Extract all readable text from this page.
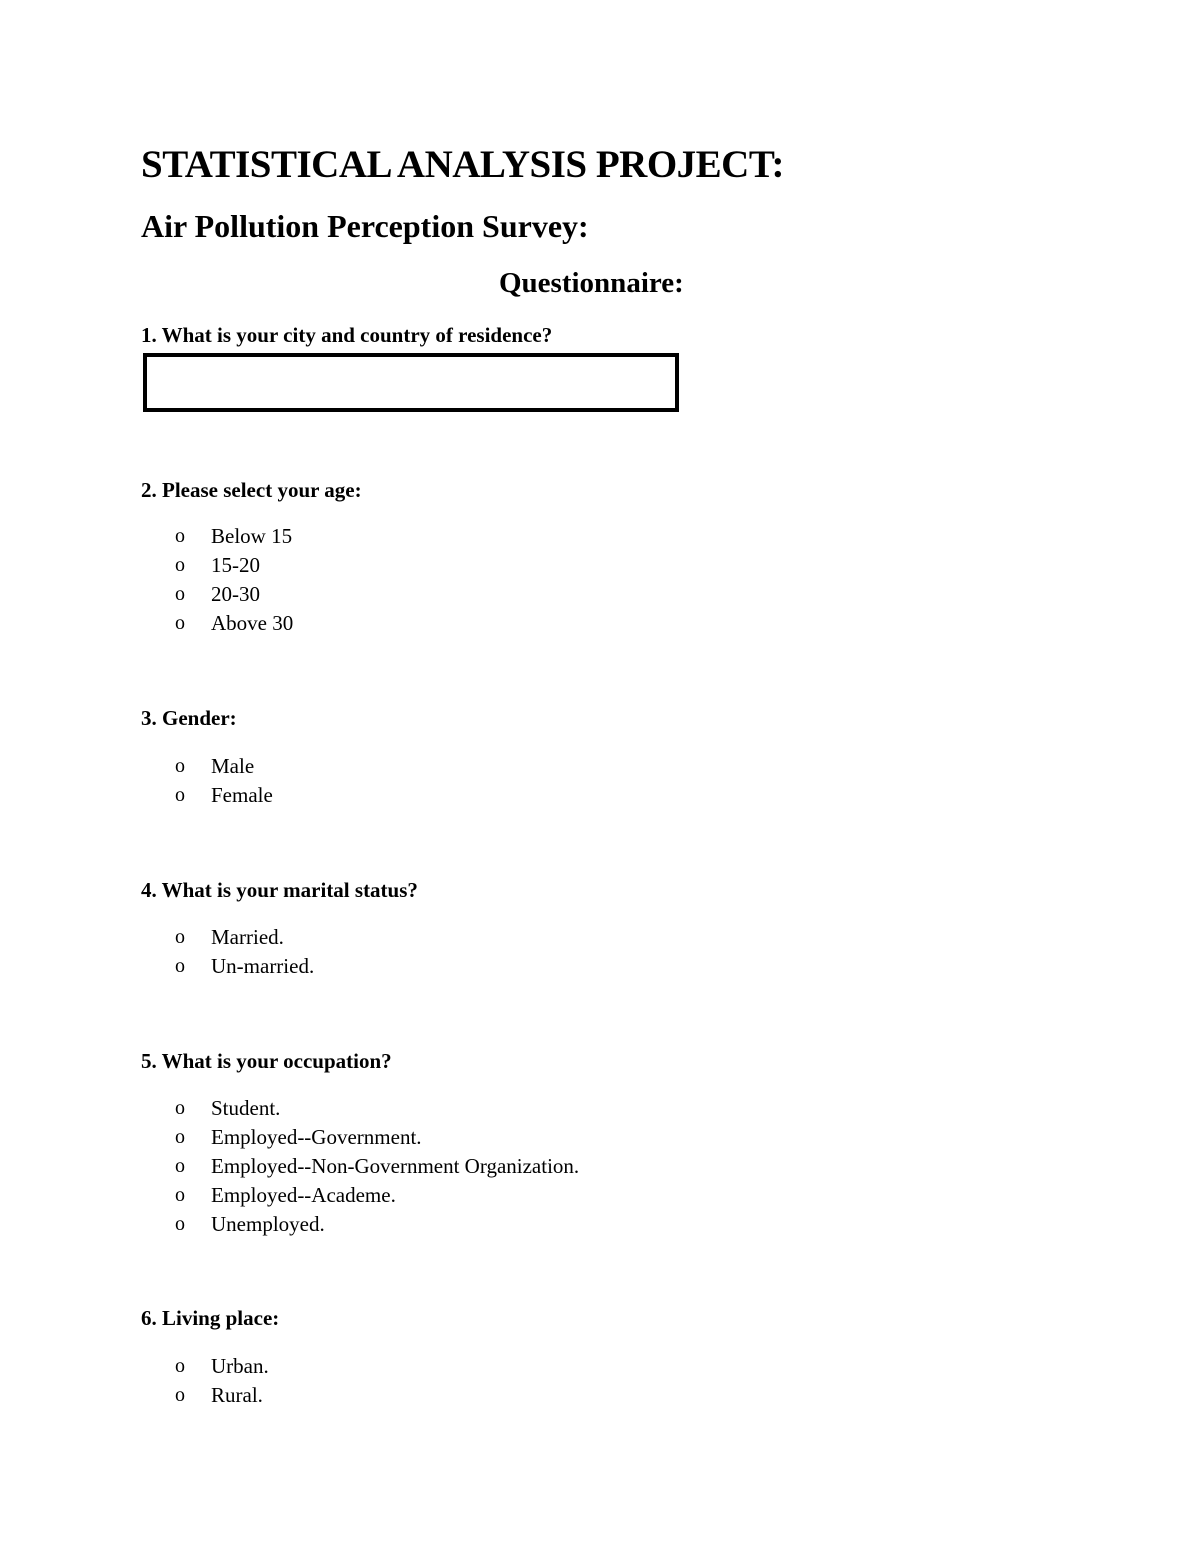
STATISTICAL ANALYSIS PROJECT:
Air Pollution Perception Survey:
Questionnaire:
1. What is your city and country of residence?
2. Please select your age:
o	Below 15
o	15-20
o	20-30
o	Above 30
3. Gender:
o	Male
o	Female
4. What is your marital status?
o	Married.
o	Un-married.
5. What is your occupation?
o	Student.
o	Employed--Government.
o	Employed--Non-Government Organization.
o	Employed--Academe.
o	Unemployed.
6. Living place:
o	Urban.
o	Rural.
